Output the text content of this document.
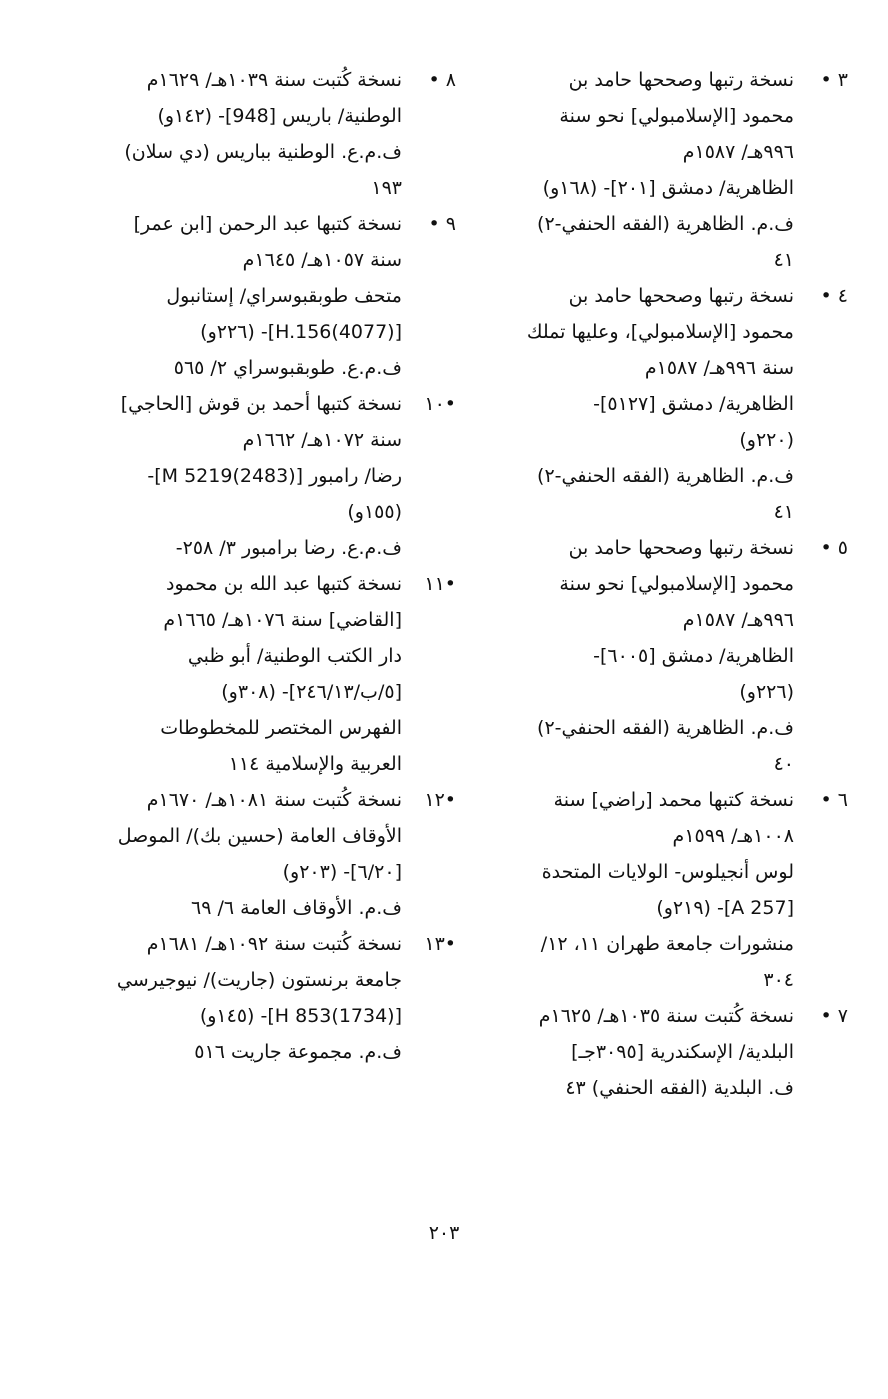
٣ •
نسخة رتبها وصححها حامد بن
محمود [الإسلامبولي] نحو سنة
٩٩٦هـ/ ١٥٨٧م
الظاهرية/ دمشق [٢٠١]- (١٦٨و)
ف.م. الظاهرية (الفقه الحنفي-٢)
٤١
٤ •
نسخة رتبها وصححها حامد بن
محمود [الإسلامبولي]، وعليها تملك
سنة ٩٩٦هـ/ ١٥٨٧م
الظاهرية/ دمشق [٥١٢٧]-
(٢٢٠و)
ف.م. الظاهرية (الفقه الحنفي-٢)
٤١
٥ •
نسخة رتبها وصححها حامد بن
محمود [الإسلامبولي] نحو سنة
٩٩٦هـ/ ١٥٨٧م
الظاهرية/ دمشق [٦٠٠٥]-
(٢٢٦و)
ف.م. الظاهرية (الفقه الحنفي-٢)
٤٠
٦ •
نسخة كتبها محمد [راضي] سنة
١٠٠٨هـ/ ١٥٩٩م
لوس أنجيلوس- الولايات المتحدة
[A 257]- (٢١٩و)
منشورات جامعة طهران ١١، ١٢/
٣٠٤
٧ •
نسخة كُتبت سنة ١٠٣٥هـ/ ١٦٢٥م
البلدية/ الإسكندرية [٣٠٩٥جـ]
ف. البلدية (الفقه الحنفي) ٤٣
٨ •
نسخة كُتبت سنة ١٠٣٩هـ/ ١٦٢٩م
الوطنية/ باريس [948]- (١٤٢و)
ف.م.ع. الوطنية بباريس (دي سلان)
١٩٣
٩ •
نسخة كتبها عبد الرحمن [ابن عمر]
سنة ١٠٥٧هـ/ ١٦٤٥م
متحف طوبقبوسراي/ إستانبول
[(4077)H.156]- (٢٢٦و)
ف.م.ع. طوبقبوسراي ٢/ ٥٦٥
•١٠
نسخة كتبها أحمد بن قوش [الحاجي]
سنة ١٠٧٢هـ/ ١٦٦٢م
رضا/ رامبور [(2483)5219 M]-
(١٥٥و)
ف.م.ع. رضا برامبور ٣/ ٢٥٨-
•١١
نسخة كتبها عبد الله بن محمود
[القاضي] سنة ١٠٧٦هـ/ ١٦٦٥م
دار الكتب الوطنية/ أبو ظبي
[٥/ب/٢٤٦/١٣]- (٣٠٨و)
الفهرس المختصر للمخطوطات
العربية والإسلامية ١١٤
•١٢
نسخة كُتبت سنة ١٠٨١هـ/ ١٦٧٠م
الأوقاف العامة (حسين بك)/ الموصل
[٦/٢٠]- (٢٠٣و)
ف.م. الأوقاف العامة ٦/ ٦٩
•١٣
نسخة كُتبت سنة ١٠٩٢هـ/ ١٦٨١م
جامعة برنستون (جاريت)/ نيوجيرسي
[(1734)853 H]- (١٤٥و)
ف.م. مجموعة جاريت ٥١٦
٢٠٣
